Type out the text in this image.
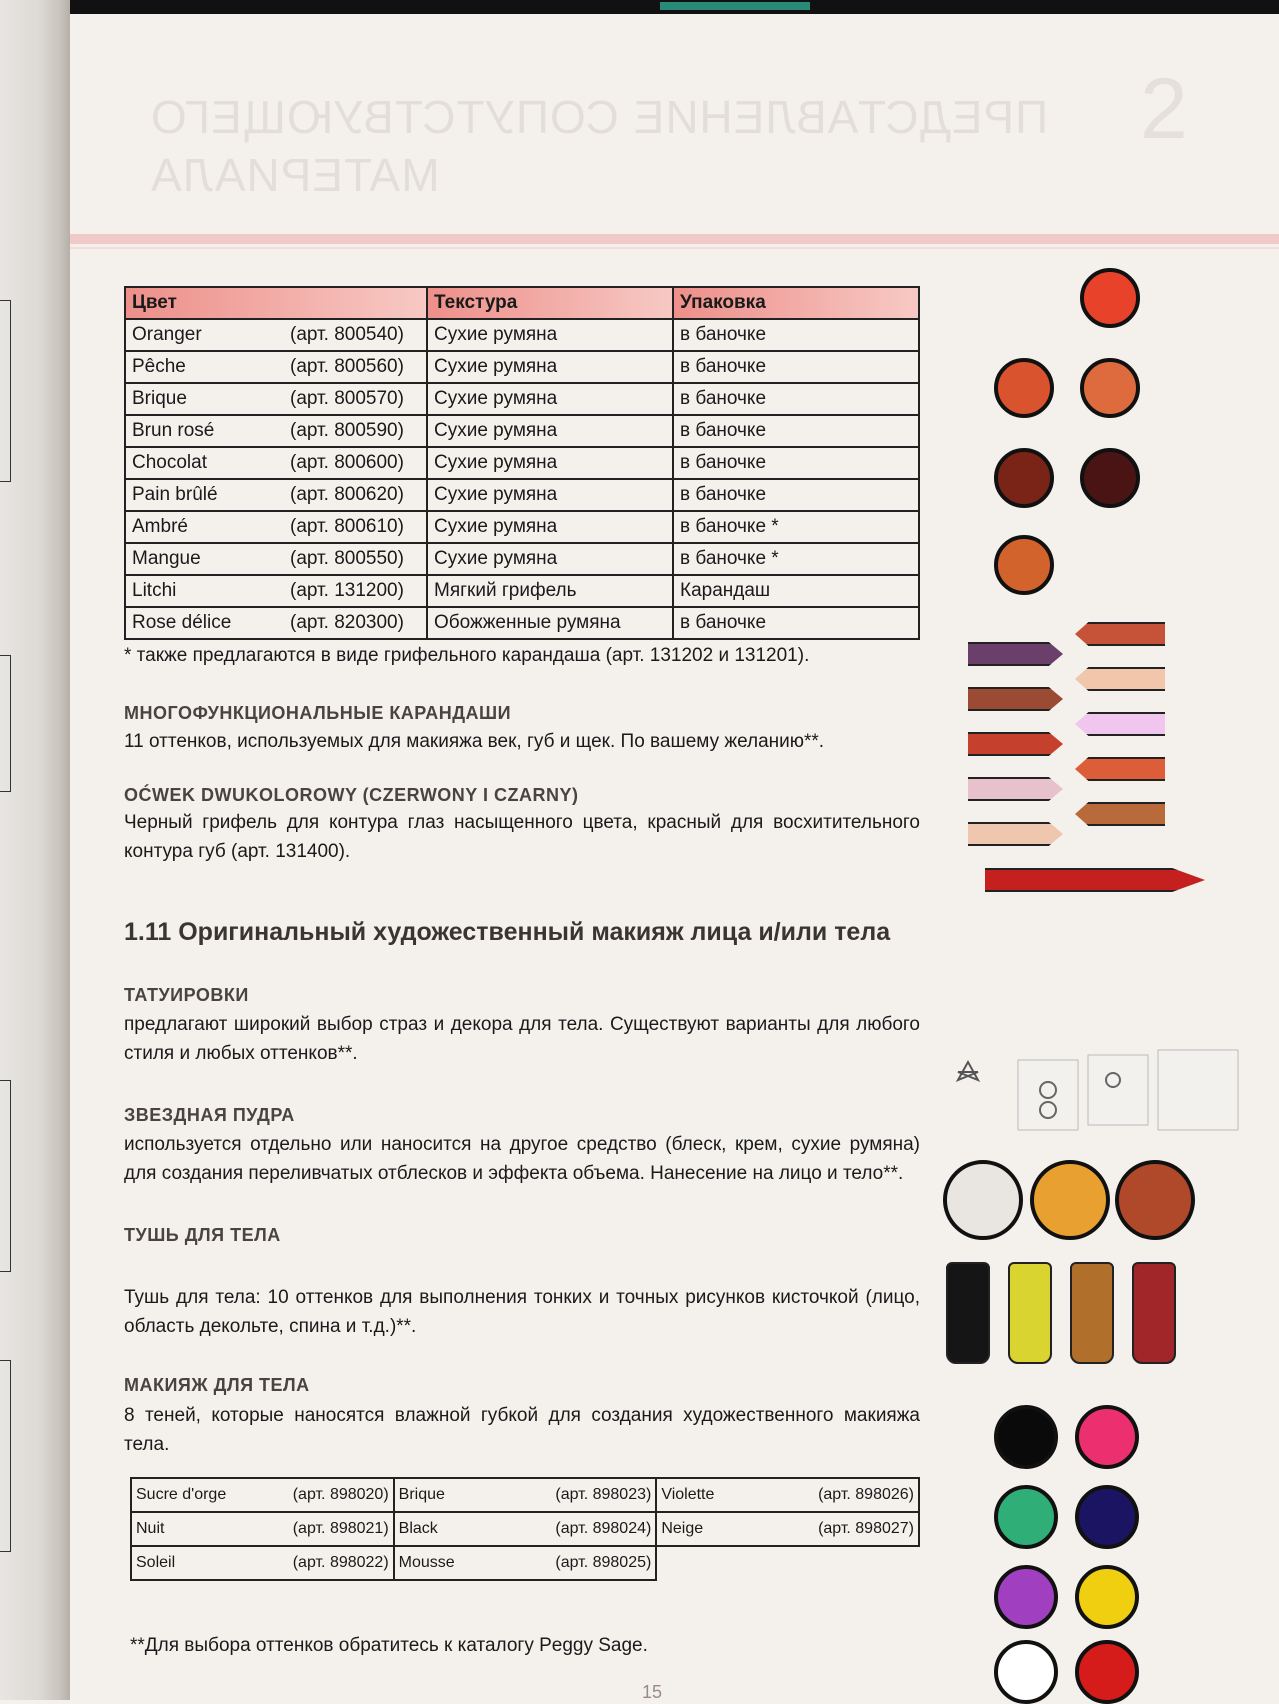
ПРЕДСТАВЛЕНИЕ СОПУТСТВУЮЩЕГО
МАТЕРИАЛА
2
Цвет		Текстура	Упаковка
Oranger	(арт. 800540)	Сухие румяна	в баночке
Pêche	(арт. 800560)	Сухие румяна	в баночке
Brique	(арт. 800570)	Сухие румяна	в баночке
Brun rosé	(арт. 800590)	Сухие румяна	в баночке
Chocolat	(арт. 800600)	Сухие румяна	в баночке
Pain brûlé	(арт. 800620)	Сухие румяна	в баночке
Ambré	(арт. 800610)	Сухие румяна	в баночке *
Mangue	(арт. 800550)	Сухие румяна	в баночке *
Litchi	(арт. 131200)	Мягкий грифель	Карандаш
Rose délice	(арт. 820300)	Обожженные румяна	в баночке
* также предлагаются в виде грифельного карандаша (арт. 131202 и 131201).
МНОГОФУНКЦИОНАЛЬНЫЕ КАРАНДАШИ
11 оттенков, используемых для макияжа век, губ и щек. По вашему желанию**.
OĆWEK DWUKOLOROWY (CZERWONY I CZARNY)
Черный грифель для контура глаз насыщенного цвета, красный для восхитительного контура губ (арт. 131400).
1.11 Оригинальный художественный макияж лица и/или тела
ТАТУИРОВКИ
предлагают широкий выбор страз и декора для тела. Существуют варианты для любого стиля и любых оттенков**.
ЗВЕЗДНАЯ ПУДРА
используется отдельно или наносится на другое средство (блеск, крем, сухие румяна) для создания переливчатых отблесков и эффекта объема. Нанесение на лицо и тело**.
ТУШЬ ДЛЯ ТЕЛА
Тушь для тела: 10 оттенков для выполнения тонких и точных рисунков кисточкой (лицо, область декольте, спина и т.д.)**.
МАКИЯЖ ДЛЯ ТЕЛА
8 теней, которые наносятся влажной губкой для создания художественного макияжа тела.
Sucre d'orge	(арт. 898020)	Brique	(арт. 898023)	Violette	(арт. 898026)
Nuit	(арт. 898021)	Black	(арт. 898024)	Neige	(арт. 898027)
Soleil	(арт. 898022)	Mousse	(арт. 898025)		
**Для выбора оттенков обратитесь к каталогу Peggy Sage.
15
